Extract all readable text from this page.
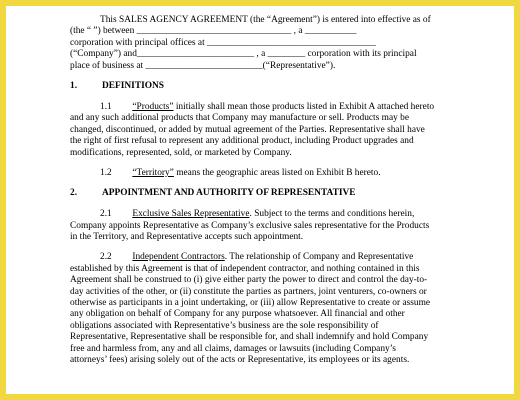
This SALES AGENCY AGREEMENT (the “Agreement”) is entered into effective as of
(the “ ”) between _________________________________ , a ___________
corporation with principal offices at ____________________________________
(“Company”) and_________________________ , a ________ corporation with its principal
place of business at _________________________(“Representative”).
1.	DEFINITIONS
1.1 “Products” initially shall mean those products listed in Exhibit A attached hereto
and any such additional products that Company may manufacture or sell. Products may be
changed, discontinued, or added by mutual agreement of the Parties. Representative shall have
the right of first refusal to represent any additional product, including Product upgrades and
modifications, represented, sold, or marketed by Company.
1.2 “Territory” means the geographic areas listed on Exhibit B hereto.
2.	APPOINTMENT AND AUTHORITY OF REPRESENTATIVE
2.1 Exclusive Sales Representative. Subject to the terms and conditions herein,
Company appoints Representative as Company’s exclusive sales representative for the Products
in the Territory, and Representative accepts such appointment.
2.2 Independent Contractors. The relationship of Company and Representative
established by this Agreement is that of independent contractor, and nothing contained in this
Agreement shall be construed to (i) give either party the power to direct and control the day-to-
day activities of the other, or (ii) constitute the parties as partners, joint venturers, co-owners or
otherwise as participants in a joint undertaking, or (iii) allow Representative to create or assume
any obligation on behalf of Company for any purpose whatsoever. All financial and other
obligations associated with Representative’s business are the sole responsibility of
Representative, Representative shall be responsible for, and shall indemnify and hold Company
free and harmless from, any and all claims, damages or lawsuits (including Company’s
attorneys’ fees) arising solely out of the acts or Representative, its employees or its agents.
Agreement drafted by Kramer & Kramer, LLP
